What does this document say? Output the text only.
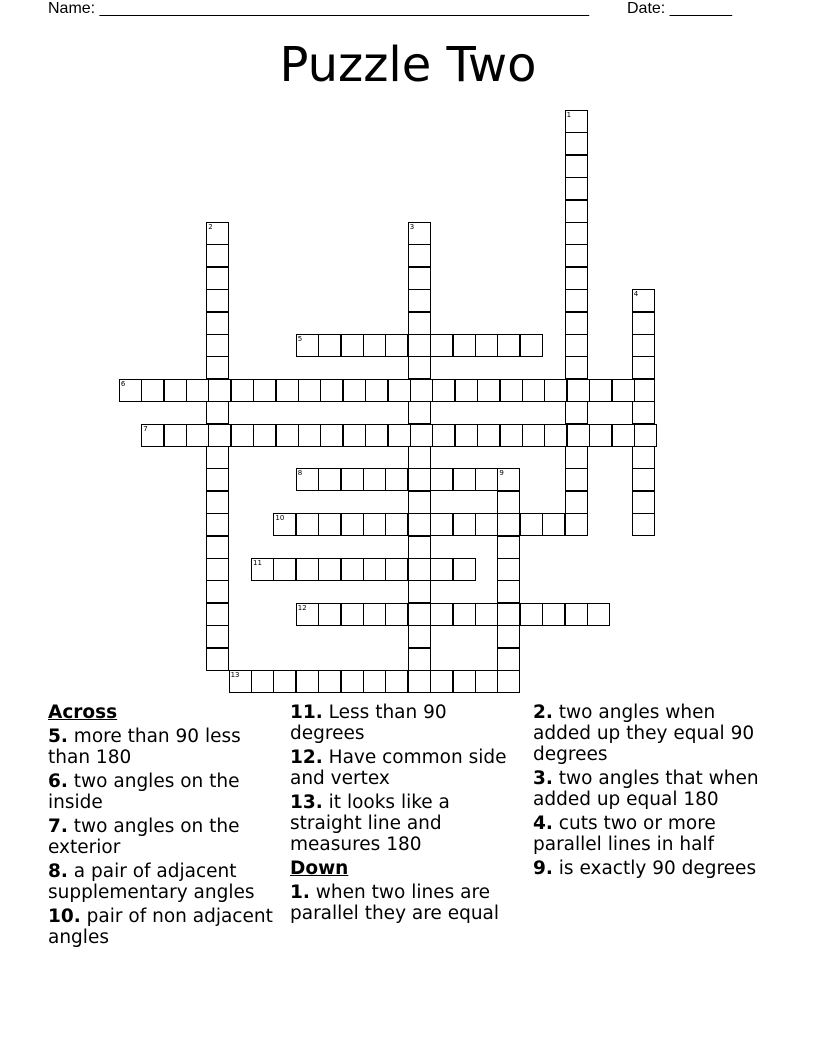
Name: _______________________________________________________ Date: _______
Puzzle Two
1
2	3
4
5
6
7
8	9
10
11
12
13
Across
5. more than 90 less than 180
6. two angles on the inside
7. two angles on the exterior
8. a pair of adjacent supplementary angles
10. pair of non adjacent angles
11. Less than 90 degrees
12. Have common side and vertex
13. it looks like a straight line and measures 180
Down
1. when two lines are parallel they are equal
2. two angles when added up they equal 90 degrees
3. two angles that when added up equal 180
4. cuts two or more parallel lines in half
9. is exactly 90 degrees
